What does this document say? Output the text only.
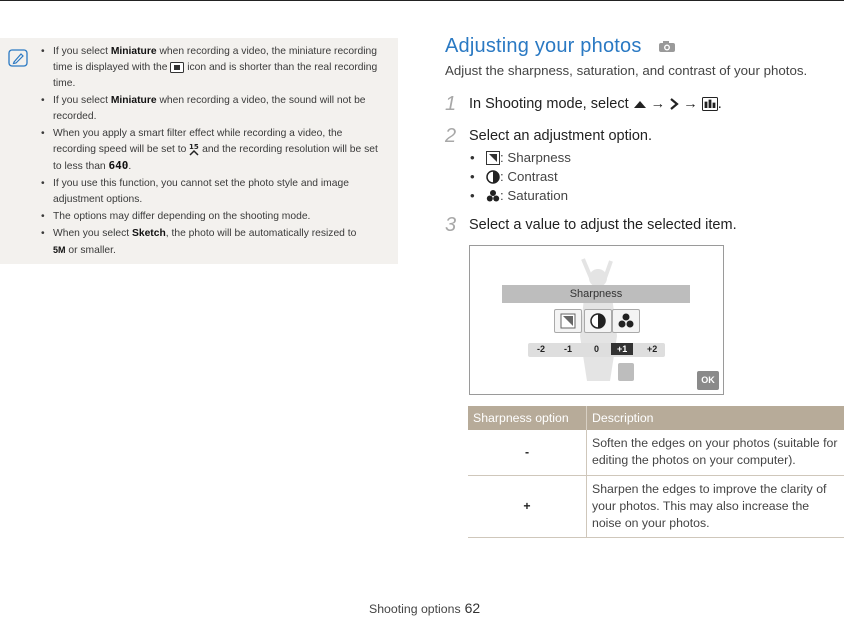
• If you select Miniature when recording a video, the miniature recording time is displayed with the  icon and is shorter than the real recording time.
• If you select Miniature when recording a video, the sound will not be recorded.
• When you apply a smart filter effect while recording a video, the recording speed will be set to 15 and the recording resolution will be set to less than 640.
• If you use this function, you cannot set the photo style and image adjustment options.
• The options may differ depending on the shooting mode.
• When you select Sketch, the photo will be automatically resized to
5M or smaller.
Adjusting your photos
Adjust the sharpness, saturation, and contrast of your photos.
1 In Shooting mode, select → → .
2 Select an adjustment option.
• : Sharpness
• : Contrast
• : Saturation
3 Select a value to adjust the selected item.
Sharpness
-2 -1 0	+1	+2
OK
Sharpness option	Description
-	Soften the edges on your photos (suitable for editing the photos on your computer).
+	Sharpen the edges to improve the clarity of your photos. This may also increase the noise on your photos.
Shooting options 62
